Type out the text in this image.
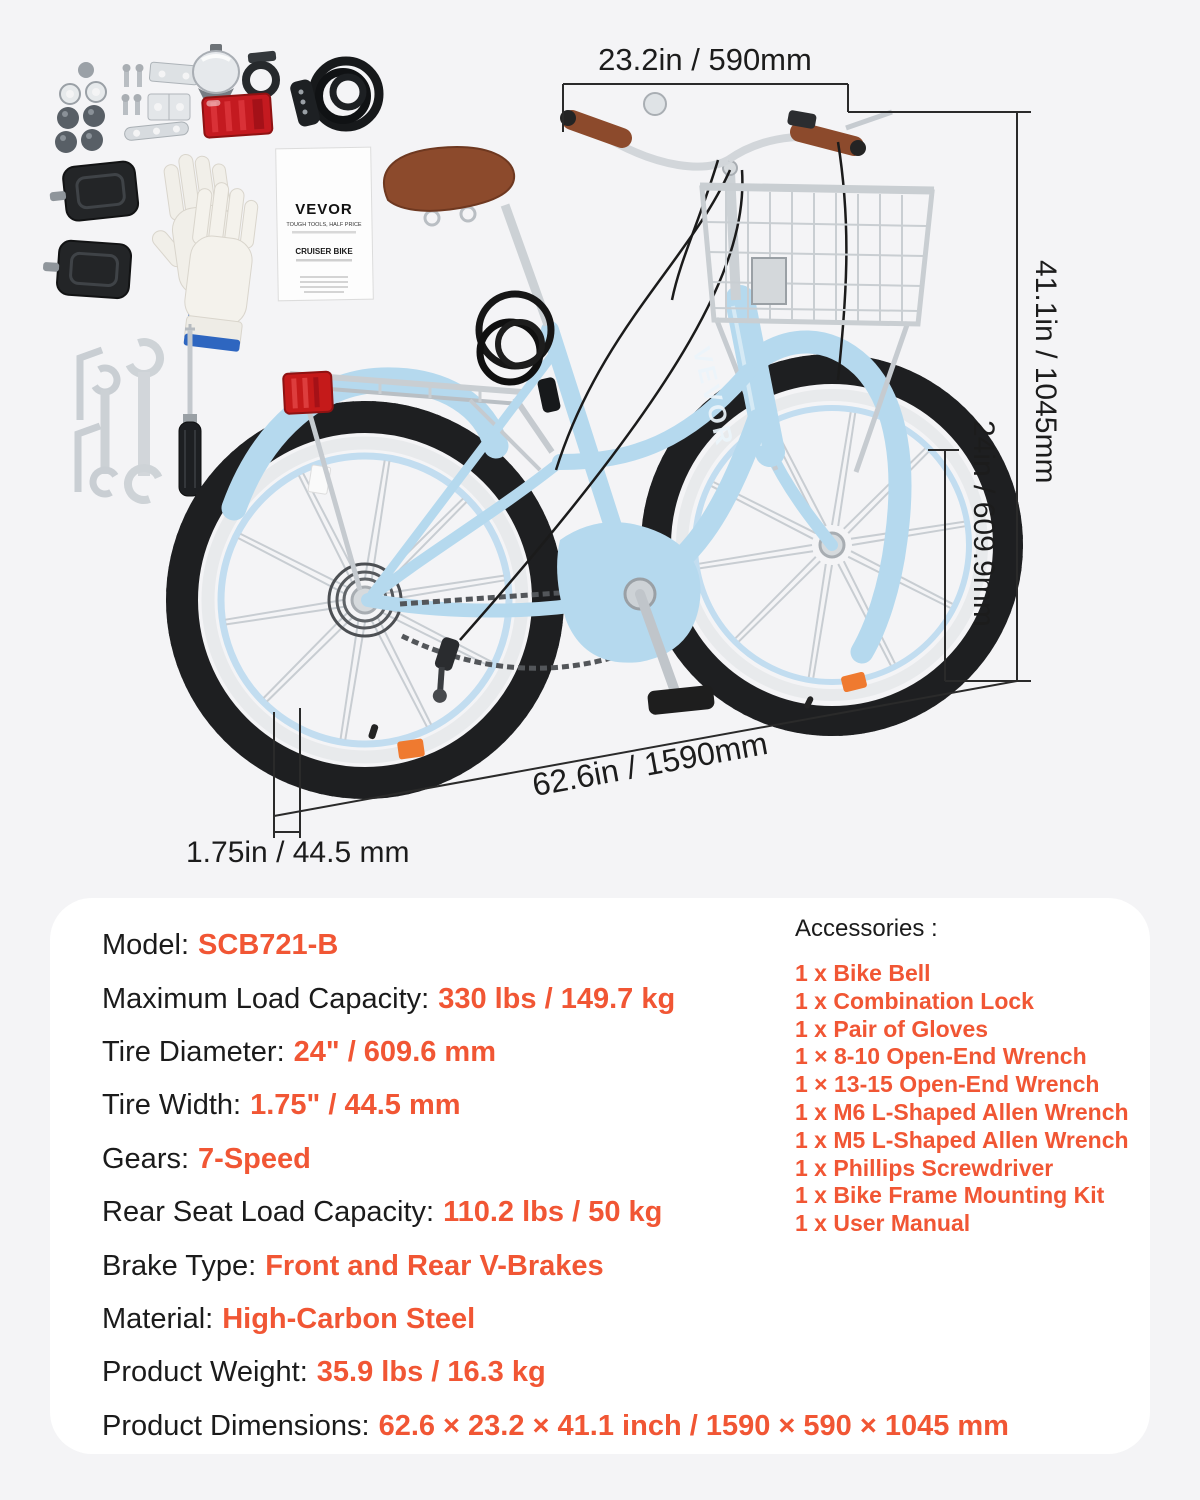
VEVOR
TOUGH TOOLS, HALF PRICE
CRUISER BIKE
23.2in / 590mm
41.1in / 1045mm
24in / 609.9mm
62.6in / 1590mm
1.75in / 44.5 mm
VEVOR
Model: SCB721-B
Maximum Load Capacity: 330 lbs / 149.7 kg
Tire Diameter: 24" / 609.6 mm
Tire Width: 1.75" / 44.5 mm
Gears: 7-Speed
Rear Seat Load Capacity: 110.2 lbs / 50 kg
Brake Type: Front and Rear V-Brakes
Material: High-Carbon Steel
Product Weight: 35.9 lbs / 16.3 kg
Product Dimensions: 62.6 × 23.2 × 41.1 inch / 1590 × 590 × 1045 mm
Accessories :
1 x Bike Bell
1 x Combination Lock
1 x Pair of Gloves
1 × 8-10 Open-End Wrench
1 × 13-15 Open-End Wrench
1 x M6 L-Shaped Allen Wrench
1 x M5 L-Shaped Allen Wrench
1 x Phillips Screwdriver
1 x Bike Frame Mounting Kit
1 x User Manual
